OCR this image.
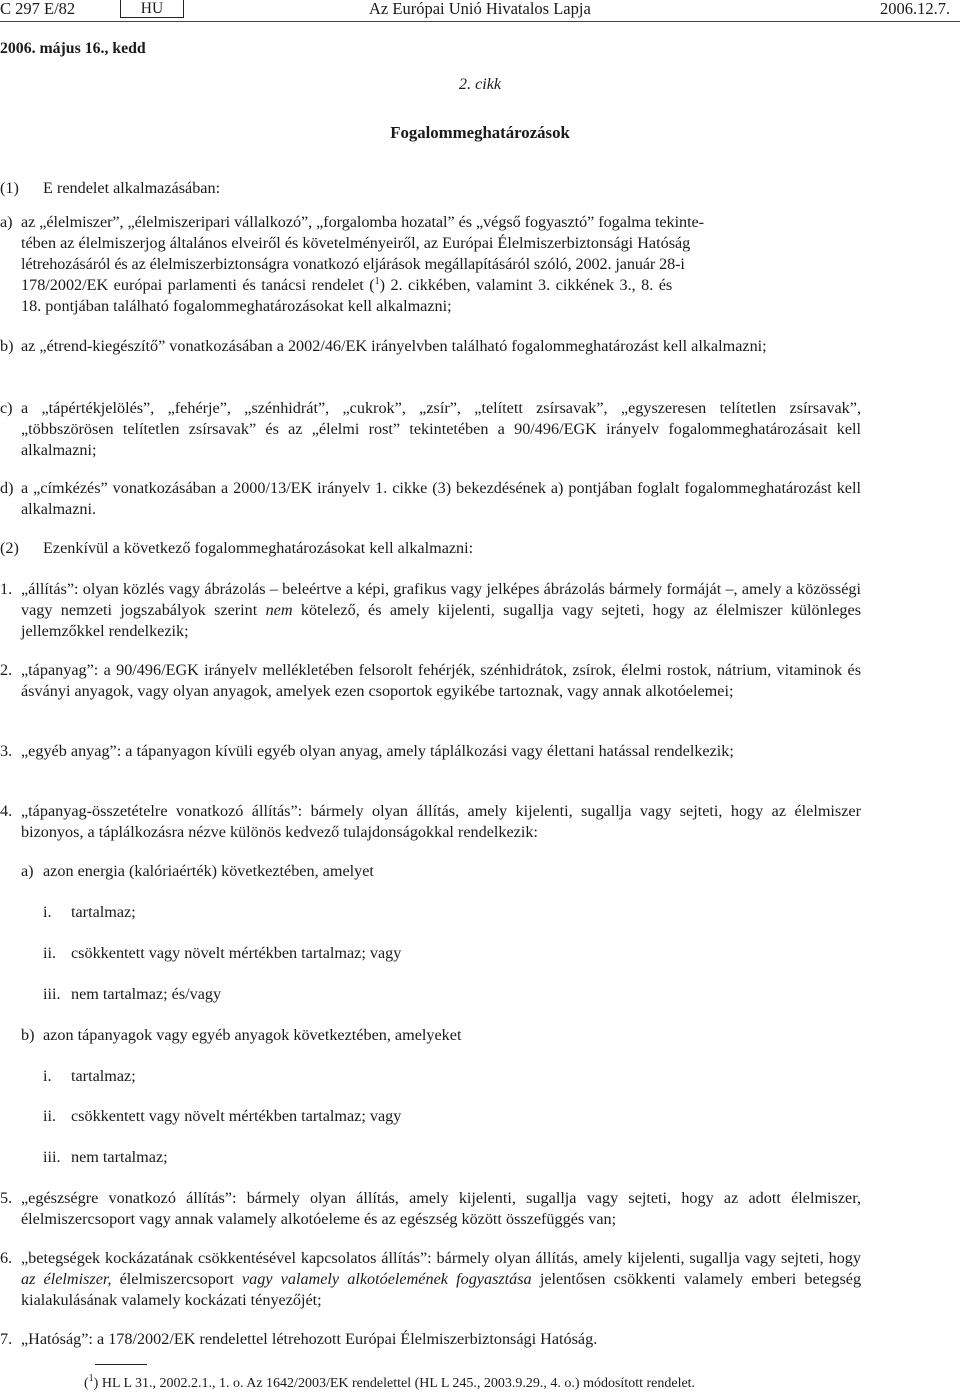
C 297 E/82	HU	Az Európai Unió Hivatalos Lapja	2006.12.7.
2006. május 16., kedd
2. cikk
Fogalommeghatározások
(1) E rendelet alkalmazásában:
a) az „élelmiszer”, „élelmiszeripari vállalkozó”, „forgalomba hozatal” és „végső fogyasztó” fogalma tekinte-
tében az élelmiszerjog általános elveiről és követelményeiről, az Európai Élelmiszerbiztonsági Hatóság
létrehozásáról és az élelmiszerbiztonságra vonatkozó eljárások megállapításáról szóló, 2002. január 28-i
178/2002/EK európai parlamenti és tanácsi rendelet ($^1$) 2. cikkében, valamint 3. cikkének 3., 8. és
18. pontjában található fogalommeghatározásokat kell alkalmazni;
b) az „étrend-kiegészítő” vonatkozásában a 2002/46/EK irányelvben található fogalommeghatározást kell alkalmazni;
c) a „tápértékjelölés”, „fehérje”, „szénhidrát”, „cukrok”, „zsír”, „telített zsírsavak”, „egyszeresen telítetlen zsírsavak”, „többszörösen telítetlen zsírsavak” és az „élelmi rost” tekintetében a 90/496/EGK irányelv fogalommeghatározásait kell alkalmazni;
d) a „címkézés” vonatkozásában a 2000/13/EK irányelv 1. cikke (3) bekezdésének a) pontjában foglalt fogalommeghatározást kell alkalmazni.
(2) Ezenkívül a következő fogalommeghatározásokat kell alkalmazni:
1. „állítás”: olyan közlés vagy ábrázolás – beleértve a képi, grafikus vagy jelképes ábrázolás bármely formáját –, amely a közösségi vagy nemzeti jogszabályok szerint nem kötelező, és amely kijelenti, sugallja vagy sejteti, hogy az élelmiszer különleges jellemzőkkel rendelkezik;
2. „tápanyag”: a 90/496/EGK irányelv mellékletében felsorolt fehérjék, szénhidrátok, zsírok, élelmi rostok, nátrium, vitaminok és ásványi anyagok, vagy olyan anyagok, amelyek ezen csoportok egyikébe tartoznak, vagy annak alkotóelemei;
3. „egyéb anyag”: a tápanyagon kívüli egyéb olyan anyag, amely táplálkozási vagy élettani hatással rendelkezik;
4. „tápanyag-összetételre vonatkozó állítás”: bármely olyan állítás, amely kijelenti, sugallja vagy sejteti, hogy az élelmiszer bizonyos, a táplálkozásra nézve különös kedvező tulajdonságokkal rendelkezik:
a) azon energia (kalóriaérték) következtében, amelyet
i. tartalmaz;
ii. csökkentett vagy növelt mértékben tartalmaz; vagy
iii. nem tartalmaz; és/vagy
b) azon tápanyagok vagy egyéb anyagok következtében, amelyeket
i. tartalmaz;
ii. csökkentett vagy növelt mértékben tartalmaz; vagy
iii. nem tartalmaz;
5. „egészségre vonatkozó állítás”: bármely olyan állítás, amely kijelenti, sugallja vagy sejteti, hogy az adott élelmiszer, élelmiszercsoport vagy annak valamely alkotóeleme és az egészség között összefüggés van;
6. „betegségek kockázatának csökkentésével kapcsolatos állítás”: bármely olyan állítás, amely kijelenti, sugallja vagy sejteti, hogy az élelmiszer, élelmiszercsoport vagy valamely alkotóelemének fogyasztása jelentősen csökkenti valamely emberi betegség kialakulásának valamely kockázati tényezőjét;
7. „Hatóság”: a 178/2002/EK rendelettel létrehozott Európai Élelmiszerbiztonsági Hatóság.
($^1$) HL L 31., 2002.2.1., 1. o. Az 1642/2003/EK rendelettel (HL L 245., 2003.9.29., 4. o.) módosított rendelet.
